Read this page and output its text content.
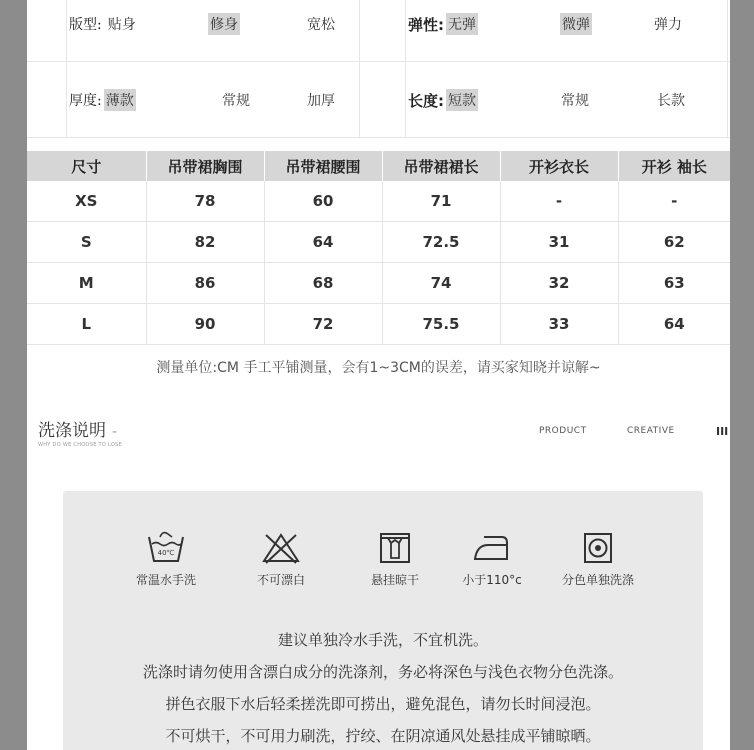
版型: 贴身	修身	宽松	弹性: 无弹	微弹	弹力
厚度: 薄款	常规	加厚	长度: 短款	常规	长款
尺寸	吊带裙胸围	吊带裙腰围	吊带裙裙长	开衫衣长	开衫 袖长
XS	78	60	71	-	-
S	82	64	72.5	31	62
M	86	68	74	32	63
L	90	72	75.5	33	64
测量单位:CM 手工平铺测量，会有1~3CM的误差，请买家知晓并谅解~
洗涤说明 -
WHY DO WE CHOOSE TO LOSE
PRODUCT	CREATIVE	III
40℃
常温水手洗	不可漂白	悬挂晾干	小于110°c	分色单独洗涤
建议单独冷水手洗，不宜机洗。
洗涤时请勿使用含漂白成分的洗涤剂，务必将深色与浅色衣物分色洗涤。
拼色衣服下水后轻柔搓洗即可捞出，避免混色，请勿长时间浸泡。
不可烘干，不可用力刷洗，拧绞、在阴凉通风处悬挂成平铺晾晒。
